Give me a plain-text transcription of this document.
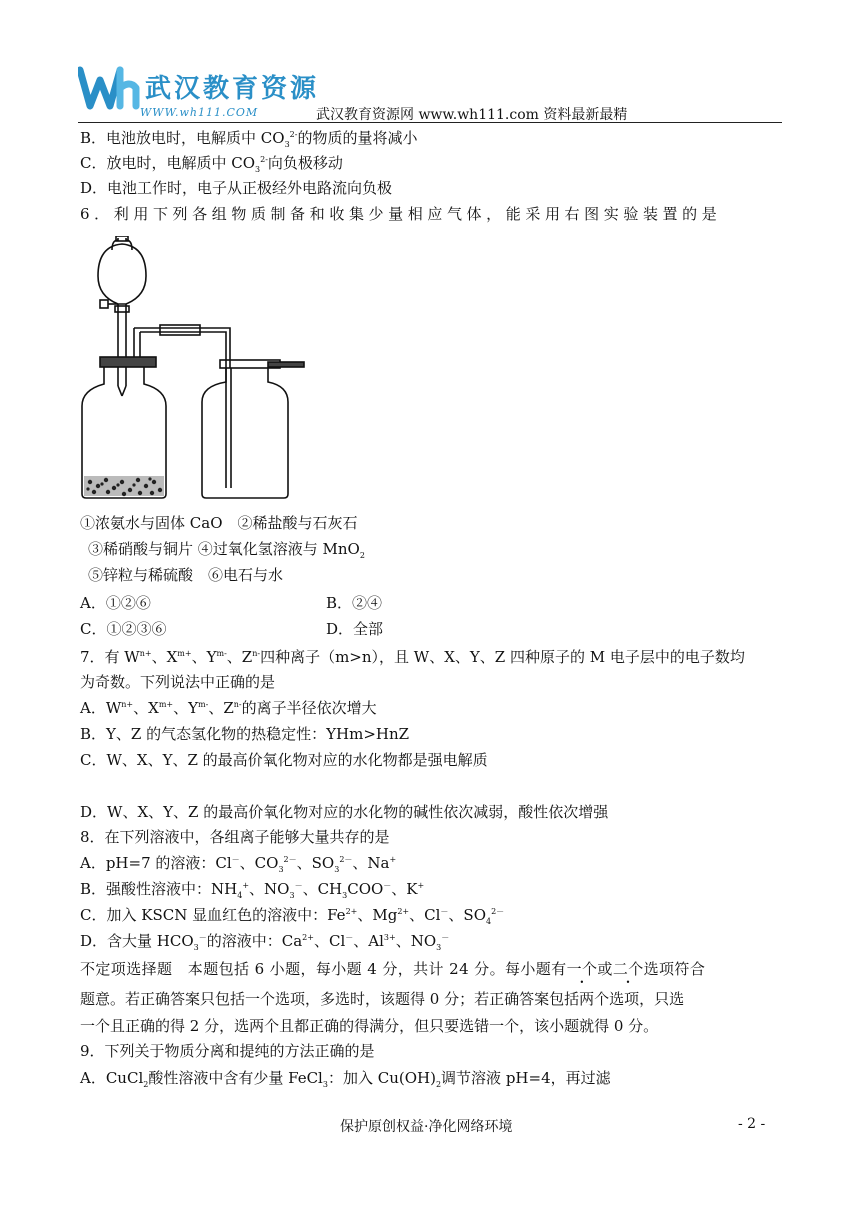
武汉教育资源
WWW.wh111.COM	武汉教育资源网 www.wh111.com 资料最新最精
B．电池放电时，电解质中 $CO_3^{2-}$的物质的量将减小
C．放电时，电解质中 $CO_3^{2-}$向负极移动
D．电池工作时，电子从正极经外电路流向负极
6．利用下列各组物质制备和收集少量相应气体，能采用右图实验装置的是
①浓氨水与固体 CaO　②稀盐酸与石灰石
③稀硝酸与铜片 ④过氧化氢溶液与 MnO$_2$
⑤锌粒与稀硫酸　⑥电石与水
A．①②⑥	B．②④
C．①②③⑥	D．全部
7．有 $W^{n+}$、$X^{m+}$、$Y^{m-}$、$Z^{n-}$四种离子（m>n），且 W、X、Y、Z 四种原子的 M 电子层中的电子数均
为奇数。下列说法中正确的是
A．$W^{n+}$、$X^{m+}$、$Y^{m-}$、$Z^{n-}$的离子半径依次增大
B．Y、Z 的气态氢化物的热稳定性：YHm>HnZ
C．W、X、Y、Z 的最高价氧化物对应的水化物都是强电解质
D．W、X、Y、Z 的最高价氧化物对应的水化物的碱性依次减弱，酸性依次增强
8．在下列溶液中，各组离子能够大量共存的是
A．pH=7 的溶液：Cl－、$CO_3^{2-}$、$SO_3^{2-}$、Na+
B．强酸性溶液中：$NH_4^+$、$NO_3^-$、$CH_3COO^-$、K+
C．加入 KSCN 显血红色的溶液中：$Fe^{2+}$、$Mg^{2+}$、Cl－、$SO_4^{2-}$
D．含大量 $HCO_3^-$的溶液中：$Ca^{2+}$、Cl－、$Al^{3+}$、$NO_3^-$
不定项选择题　本题包括 6 小题，每小题 4 分，共计 24 分。每小题有一个或二个选项符合
题意。若正确答案只包括一个选项，多选时，该题得 0 分；若正确答案包括两个选项，只选
一个且正确的得 2 分，选两个且都正确的得满分，但只要选错一个，该小题就得 0 分。
9．下列关于物质分离和提纯的方法正确的是
A．CuCl$_2$酸性溶液中含有少量 FeCl$_3$：加入 $Cu(OH)_2$调节溶液 pH=4，再过滤
保护原创权益·净化网络环境	- 2 -
